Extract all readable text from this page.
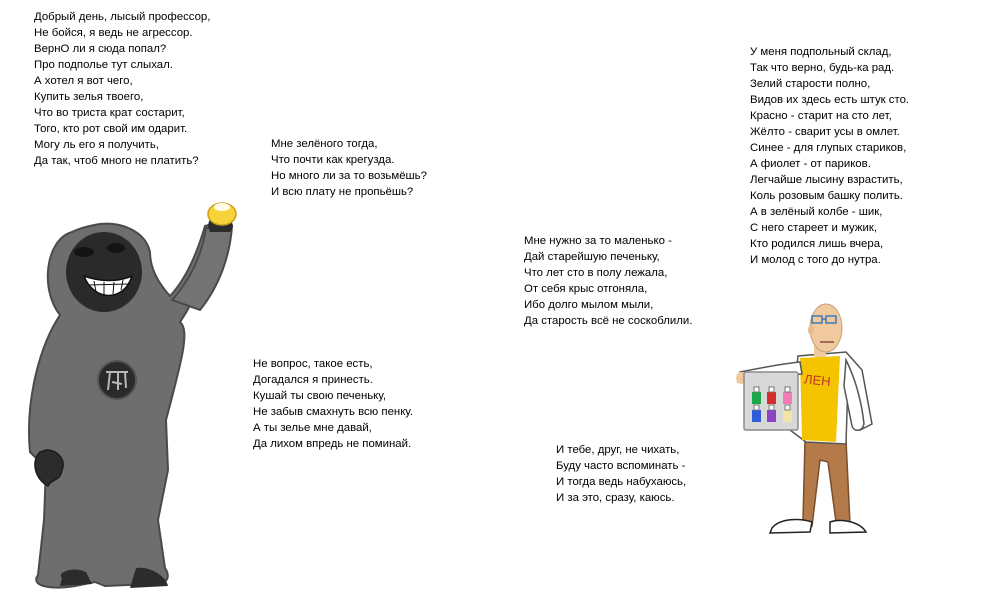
Добрый день, лысый профессор,
Не бойся, я ведь не агрессор.
ВернО ли я сюда попал?
Про подполье тут слыхал.
А хотел я вот чего,
Купить зелья твоего,
Что во триста крат состарит,
Того, кто рот свой им одарит.
Могу ль его я получить,
Да так, чтоб много не платить?
Мне зелёного тогда,
Что почти как крегуздa.
Но много ли за то возьмёшь?
И всю плату не пропьёшь?
Не вопрос, такое есть,
Догадался я принесть.
Кушай ты свою печеньку,
Не забыв смахнуть всю пенку.
А ты зелье мне давай,
Да лихом впредь не поминай.
Мне нужно за то маленько -
Дай старейшую печеньку,
Что лет сто в полу лежала,
От себя крыс отгоняла,
Ибо долго мылом мыли,
Да старость всё не соскоблили.
У меня подпольный склад,
Так что верно, будь-ка рад.
Зелий старости полно,
Видов их здесь есть штук сто.
Красно - старит на сто лет,
Жёлто - сварит усы в омлет.
Синее - для глупых стариков,
А фиолет - от париков.
Легчайше лысину взрастить,
Коль розовым башку полить.
А в зелёный колбе - шик,
С него стареет и мужик,
Кто родился лишь вчера,
И молод с того до нутра.
И тебе, друг, не чихать,
Буду часто вспоминать -
И тогда ведь набухаюсь,
И за это, сразу, каюсь.
ЛЕН
